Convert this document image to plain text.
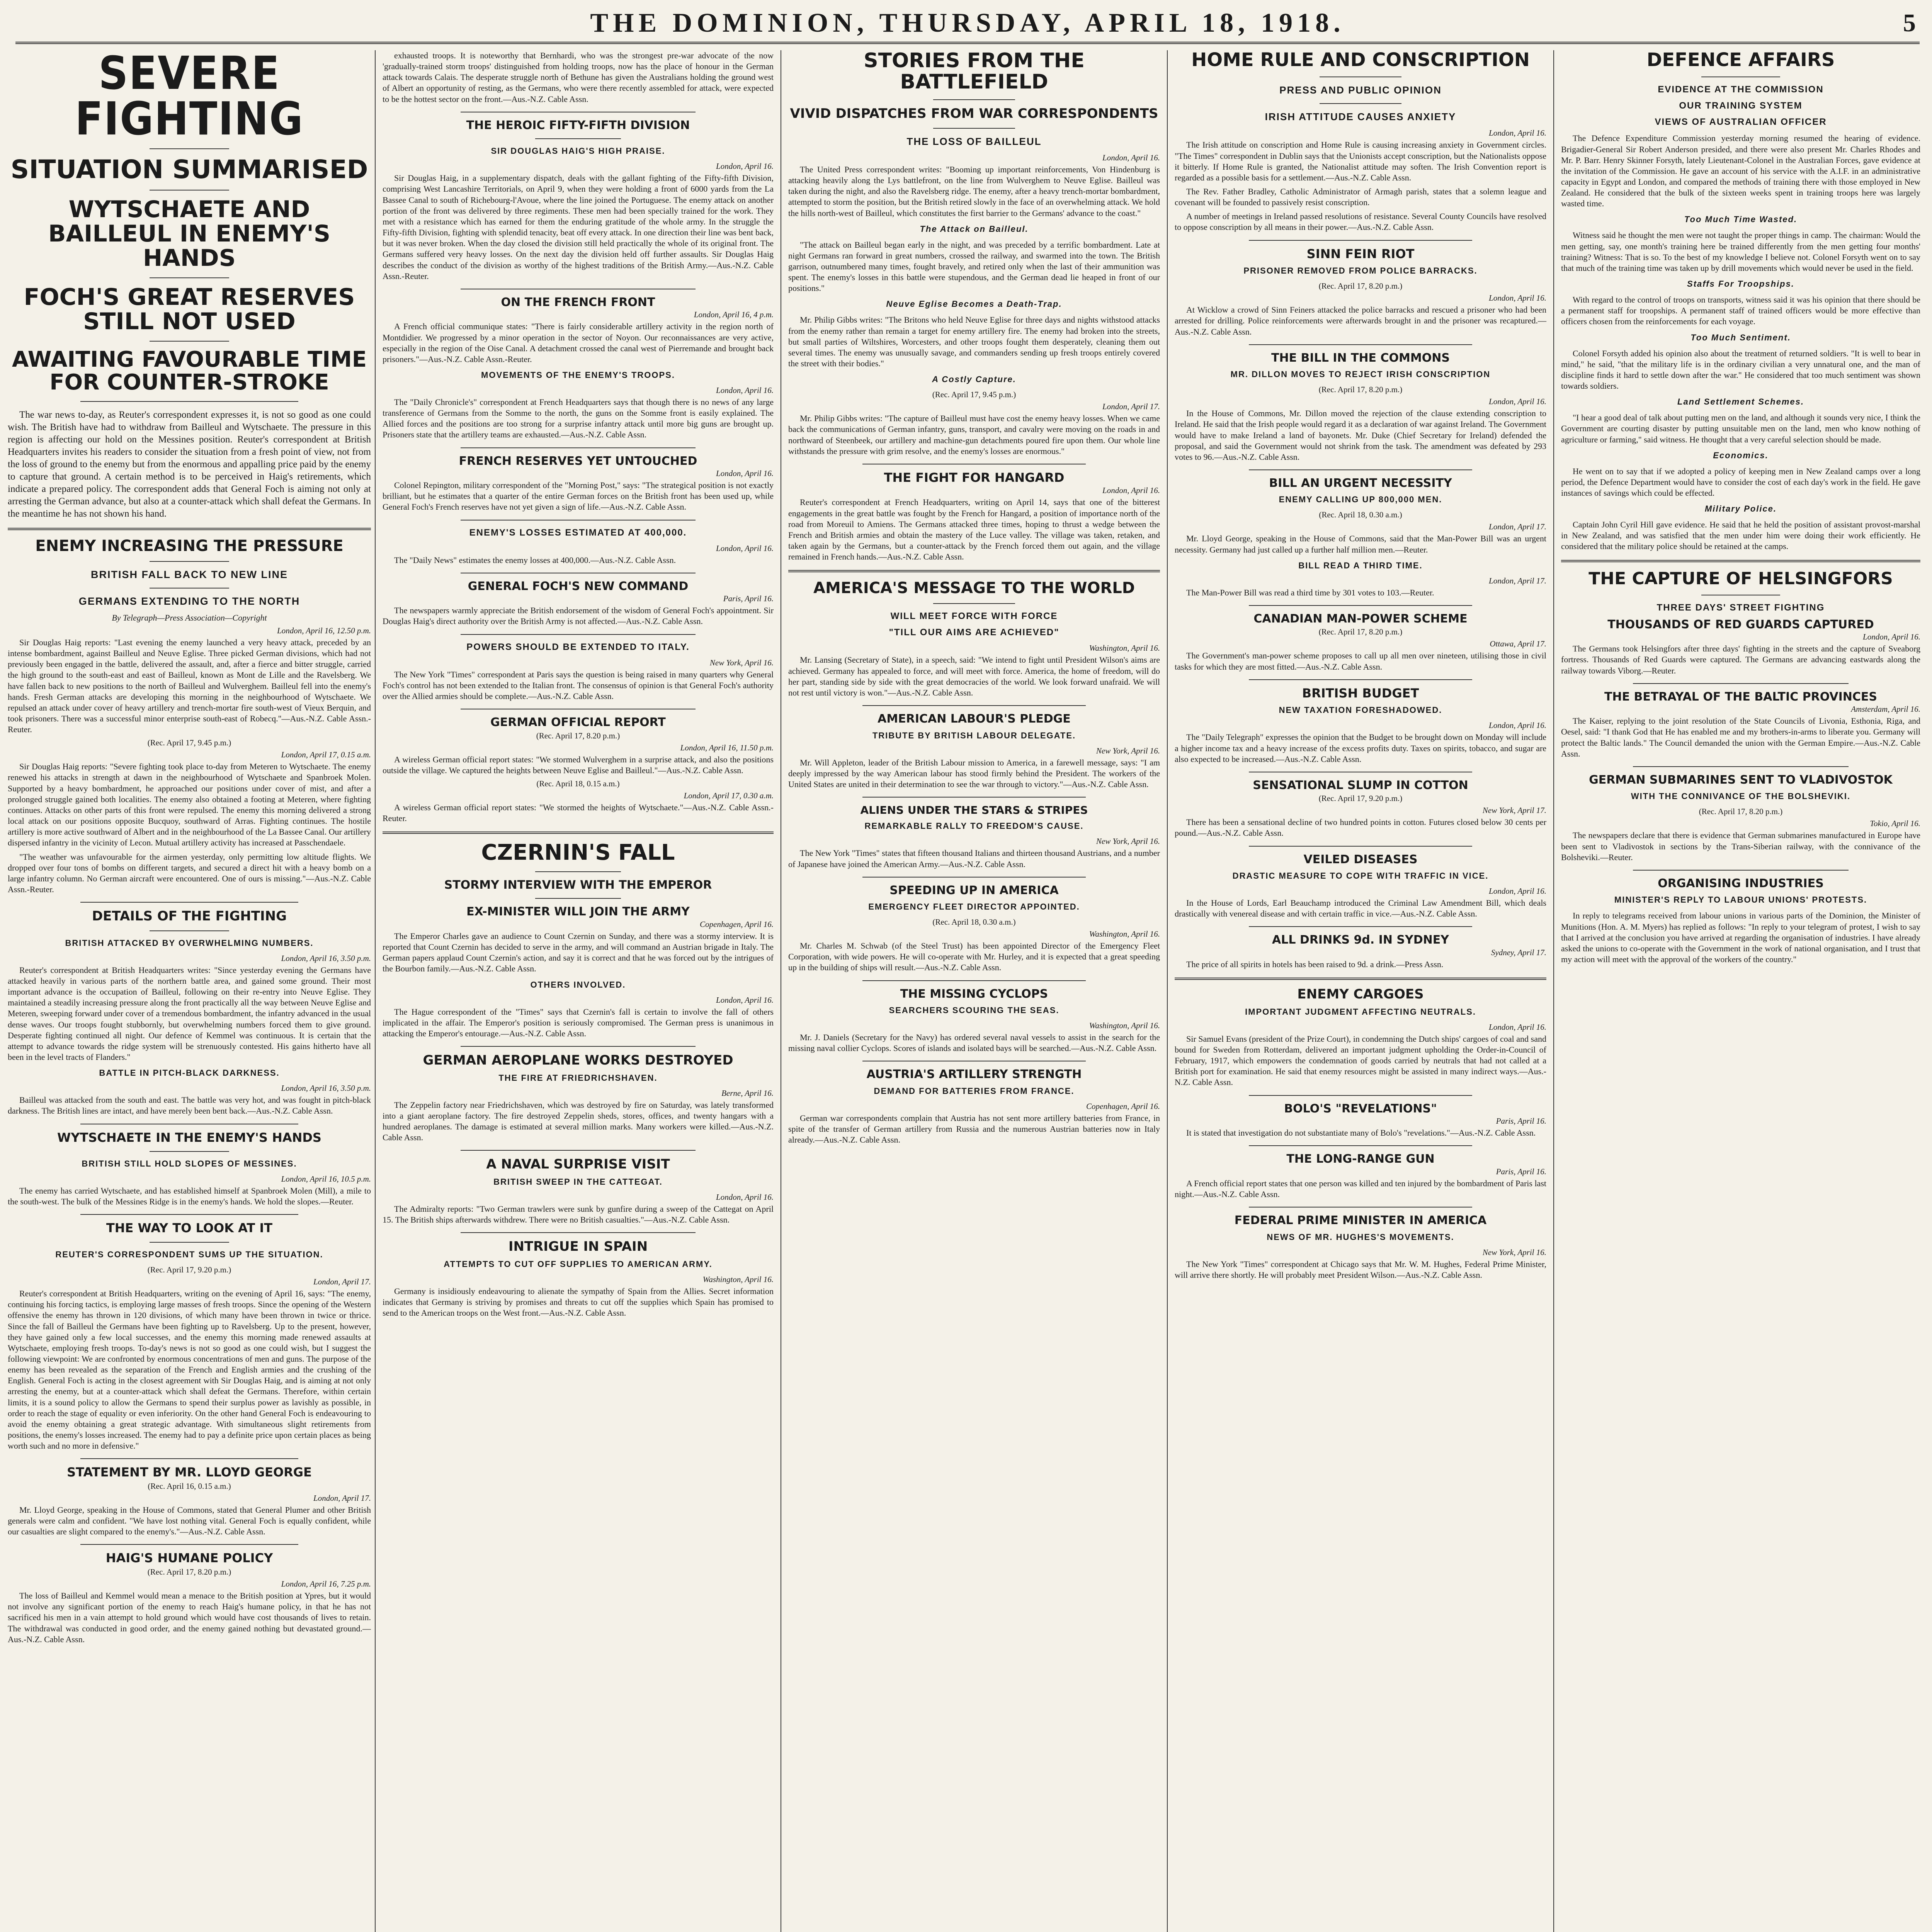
THE DOMINION, THURSDAY, APRIL 18, 1918.	5
SEVERE FIGHTING
SITUATION SUMMARISED
WYTSCHAETE AND BAILLEUL IN ENEMY'S HANDS
FOCH'S GREAT RESERVES STILL NOT USED
AWAITING FAVOURABLE TIME FOR COUNTER-STROKE

The war news to-day, as Reuter's correspondent expresses it, is not so good as one could wish. The British have had to withdraw from Bailleul and Wytschaete. The pressure in this region is affecting our hold on the Messines position. Reuter's correspondent at British Headquarters invites his readers to consider the situation from a fresh point of view, not from the loss of ground to the enemy but from the enormous and appalling price paid by the enemy to capture that ground. A certain method is to be perceived in Haig's retirements, which indicate a prepared policy. The correspondent adds that General Foch is aiming not only at arresting the German advance, but also at a counter-attack which shall defeat the Germans. In the meantime he has not shown his hand.

ENEMY INCREASING THE PRESSURE
BRITISH FALL BACK TO NEW LINE
GERMANS EXTENDING TO THE NORTH
By Telegraph—Press Association—Copyright
London, April 16, 12.50 p.m.

Sir Douglas Haig reports: "Last evening the enemy launched a very heavy attack, preceded by an intense bombardment, against Bailleul and Neuve Eglise. Three picked German divisions, which had not previously been engaged in the battle, delivered the assault, and, after a fierce and bitter struggle, carried the high ground to the south-east and east of Bailleul, known as Mont de Lille and the Ravelsberg. We have fallen back to new positions to the north of Bailleul and Wulverghem. Bailleul fell into the enemy's hands. Fresh German attacks are developing this morning in the neighbourhood of Wytschaete. We repulsed an attack under cover of heavy artillery and trench-mortar fire south-west of Vieux Berquin, and took prisoners. There was a successful minor enterprise south-east of Robecq."—Aus.-N.Z. Cable Assn.-Reuter.

(Rec. April 17, 9.45 p.m.)
London, April 17, 0.15 a.m.

Sir Douglas Haig reports: "Severe fighting took place to-day from Meteren to Wytschaete. The enemy renewed his attacks in strength at dawn in the neighbourhood of Wytschaete and Spanbroek Molen. Supported by a heavy bombardment, he approached our positions under cover of mist, and after a prolonged struggle gained both localities. The enemy also obtained a footing at Meteren, where fighting continues. Attacks on other parts of this front were repulsed. The enemy this morning delivered a strong local attack on our positions opposite Bucquoy, southward of Arras. Fighting continues. The hostile artillery is more active southward of Albert and in the neighbourhood of the La Bassee Canal. Our artillery dispersed infantry in the vicinity of Lecon. Mutual artillery activity has increased at Passchendaele.

"The weather was unfavourable for the airmen yesterday, only permitting low altitude flights. We dropped over four tons of bombs on different targets, and secured a direct hit with a heavy bomb on a large infantry column. No German aircraft were encountered. One of ours is missing."—Aus.-N.Z. Cable Assn.-Reuter.

DETAILS OF THE FIGHTING
BRITISH ATTACKED BY OVERWHELMING NUMBERS.
London, April 16, 3.50 p.m.

Reuter's correspondent at British Headquarters writes: "Since yesterday evening the Germans have attacked heavily in various parts of the northern battle area, and gained some ground. Their most important advance is the occupation of Bailleul, following on their re-entry into Neuve Eglise. They maintained a steadily increasing pressure along the front practically all the way between Neuve Eglise and Meteren, sweeping forward under cover of a tremendous bombardment, the infantry advanced in the usual dense waves. Our troops fought stubbornly, but overwhelming numbers forced them to give ground. Desperate fighting continued all night. Our defence of Kemmel was continuous. It is certain that the attempt to advance towards the ridge system will be strenuously contested. His gains hitherto have all been in the level tracts of Flanders."

BATTLE IN PITCH-BLACK DARKNESS.
London, April 16, 3.50 p.m.

Bailleul was attacked from the south and east. The battle was very hot, and was fought in pitch-black darkness. The British lines are intact, and have merely been bent back.—Aus.-N.Z. Cable Assn.

WYTSCHAETE IN THE ENEMY'S HANDS
BRITISH STILL HOLD SLOPES OF MESSINES.
London, April 16, 10.5 p.m.

The enemy has carried Wytschaete, and has established himself at Spanbroek Molen (Mill), a mile to the south-west. The bulk of the Messines Ridge is in the enemy's hands. We hold the slopes.—Reuter.

THE WAY TO LOOK AT IT
REUTER'S CORRESPONDENT SUMS UP THE SITUATION.
(Rec. April 17, 9.20 p.m.)
London, April 17.

Reuter's correspondent at British Headquarters, writing on the evening of April 16, says: "The enemy, continuing his forcing tactics, is employing large masses of fresh troops. Since the opening of the Western offensive the enemy has thrown in 120 divisions, of which many have been thrown in twice or thrice. Since the fall of Bailleul the Germans have been fighting up to Ravelsberg. Up to the present, however, they have gained only a few local successes, and the enemy this morning made renewed assaults at Wytschaete, employing fresh troops. To-day's news is not so good as one could wish, but I suggest the following viewpoint: We are confronted by enormous concentrations of men and guns. The purpose of the enemy has been revealed as the separation of the French and English armies and the crushing of the English. General Foch is acting in the closest agreement with Sir Douglas Haig, and is aiming at not only arresting the enemy, but at a counter-attack which shall defeat the Germans. Therefore, within certain limits, it is a sound policy to allow the Germans to spend their surplus power as lavishly as possible, in order to reach the stage of equality or even inferiority. On the other hand General Foch is endeavouring to avoid the enemy obtaining a great strategic advantage. With simultaneous slight retirements from positions, the enemy's losses increased. The enemy had to pay a definite price upon certain places as being worth such and no more in defensive."

STATEMENT BY MR. LLOYD GEORGE
(Rec. April 16, 0.15 a.m.)
London, April 17.

Mr. Lloyd George, speaking in the House of Commons, stated that General Plumer and other British generals were calm and confident. "We have lost nothing vital. General Foch is equally confident, while our casualties are slight compared to the enemy's."—Aus.-N.Z. Cable Assn.

HAIG'S HUMANE POLICY
(Rec. April 17, 8.20 p.m.)
London, April 16, 7.25 p.m.

The loss of Bailleul and Kemmel would mean a menace to the British position at Ypres, but it would not involve any significant portion of the enemy to reach Haig's humane policy, in that he has not sacrificed his men in a vain attempt to hold ground which would have cost thousands of lives to retain. The withdrawal was conducted in good order, and the enemy gained nothing but devastated ground.—Aus.-N.Z. Cable Assn.

exhausted troops. It is noteworthy that Bernhardi, who was the strongest pre-war advocate of the now 'gradually-trained storm troops' distinguished from holding troops, now has the place of honour in the German attack towards Calais. The desperate struggle north of Bethune has given the Australians holding the ground west of Albert an opportunity of resting, as the Germans, who were there recently assembled for attack, were expected to be the hottest sector on the front.—Aus.-N.Z. Cable Assn.

THE HEROIC FIFTY-FIFTH DIVISION
SIR DOUGLAS HAIG'S HIGH PRAISE.
London, April 16.

Sir Douglas Haig, in a supplementary dispatch, deals with the gallant fighting of the Fifty-fifth Division, comprising West Lancashire Territorials, on April 9, when they were holding a front of 6000 yards from the La Bassee Canal to south of Richebourg-l'Avoue, where the line joined the Portuguese. The enemy attack on another portion of the front was delivered by three regiments. These men had been specially trained for the work. They met with a resistance which has earned for them the enduring gratitude of the whole army. In the struggle the Fifty-fifth Division, fighting with splendid tenacity, beat off every attack. In one direction their line was bent back, but it was never broken. When the day closed the division still held practically the whole of its original front. The Germans suffered very heavy losses. On the next day the division held off further assaults. Sir Douglas Haig describes the conduct of the division as worthy of the highest traditions of the British Army.—Aus.-N.Z. Cable Assn.-Reuter.

ON THE FRENCH FRONT
London, April 16, 4 p.m.

A French official communique states: "There is fairly considerable artillery activity in the region north of Montdidier. We progressed by a minor operation in the sector of Noyon. Our reconnaissances are very active, especially in the region of the Oise Canal. A detachment crossed the canal west of Pierremande and brought back prisoners."—Aus.-N.Z. Cable Assn.-Reuter.

MOVEMENTS OF THE ENEMY'S TROOPS.
London, April 16.

The "Daily Chronicle's" correspondent at French Headquarters says that though there is no news of any large transference of Germans from the Somme to the north, the guns on the Somme front is easily explained. The Allied forces and the positions are too strong for a surprise infantry attack until more big guns are brought up. Prisoners state that the artillery teams are exhausted.—Aus.-N.Z. Cable Assn.

FRENCH RESERVES YET UNTOUCHED
London, April 16.

Colonel Repington, military correspondent of the "Morning Post," says: "The strategical position is not exactly brilliant, but he estimates that a quarter of the entire German forces on the British front has been used up, while General Foch's French reserves have not yet given a sign of life.—Aus.-N.Z. Cable Assn.

ENEMY'S LOSSES ESTIMATED AT 400,000.
London, April 16.

The "Daily News" estimates the enemy losses at 400,000.—Aus.-N.Z. Cable Assn.

GENERAL FOCH'S NEW COMMAND
Paris, April 16.

The newspapers warmly appreciate the British endorsement of the wisdom of General Foch's appointment. Sir Douglas Haig's direct authority over the British Army is not affected.—Aus.-N.Z. Cable Assn.

POWERS SHOULD BE EXTENDED TO ITALY.
New York, April 16.

The New York "Times" correspondent at Paris says the question is being raised in many quarters why General Foch's control has not been extended to the Italian front. The consensus of opinion is that General Foch's authority over the Allied armies should be complete.—Aus.-N.Z. Cable Assn.

GERMAN OFFICIAL REPORT
(Rec. April 17, 8.20 p.m.)
London, April 16, 11.50 p.m.

A wireless German official report states: "We stormed Wulverghem in a surprise attack, and also the positions outside the village. We captured the heights between Neuve Eglise and Bailleul."—Aus.-N.Z. Cable Assn.

(Rec. April 18, 0.15 a.m.)
London, April 17, 0.30 a.m.

A wireless German official report states: "We stormed the heights of Wytschaete."—Aus.-N.Z. Cable Assn.-Reuter.

CZERNIN'S FALL
STORMY INTERVIEW WITH THE EMPEROR
EX-MINISTER WILL JOIN THE ARMY
Copenhagen, April 16.

The Emperor Charles gave an audience to Count Czernin on Sunday, and there was a stormy interview. It is reported that Count Czernin has decided to serve in the army, and will command an Austrian brigade in Italy. The German papers applaud Count Czernin's action, and say it is correct and that he was forced out by the intrigues of the Bourbon family.—Aus.-N.Z. Cable Assn.

OTHERS INVOLVED.
London, April 16.

The Hague correspondent of the "Times" says that Czernin's fall is certain to involve the fall of others implicated in the affair. The Emperor's position is seriously compromised. The German press is unanimous in attacking the Emperor's entourage.—Aus.-N.Z. Cable Assn.

GERMAN AEROPLANE WORKS DESTROYED
THE FIRE AT FRIEDRICHSHAVEN.
Berne, April 16.

The Zeppelin factory near Friedrichshaven, which was destroyed by fire on Saturday, was lately transformed into a giant aeroplane factory. The fire destroyed Zeppelin sheds, stores, offices, and twenty hangars with a hundred aeroplanes. The damage is estimated at several million marks. Many workers were killed.—Aus.-N.Z. Cable Assn.

A NAVAL SURPRISE VISIT
BRITISH SWEEP IN THE CATTEGAT.
London, April 16.

The Admiralty reports: "Two German trawlers were sunk by gunfire during a sweep of the Cattegat on April 15. The British ships afterwards withdrew. There were no British casualties."—Aus.-N.Z. Cable Assn.

INTRIGUE IN SPAIN
ATTEMPTS TO CUT OFF SUPPLIES TO AMERICAN ARMY.
Washington, April 16.

Germany is insidiously endeavouring to alienate the sympathy of Spain from the Allies. Secret information indicates that Germany is striving by promises and threats to cut off the supplies which Spain has promised to send to the American troops on the West front.—Aus.-N.Z. Cable Assn.

STORIES FROM THE BATTLEFIELD
VIVID DISPATCHES FROM WAR CORRESPONDENTS
THE LOSS OF BAILLEUL
London, April 16.

The United Press correspondent writes: "Booming up important reinforcements, Von Hindenburg is attacking heavily along the Lys battlefront, on the line from Wulverghem to Neuve Eglise. Bailleul was taken during the night, and also the Ravelsberg ridge. The enemy, after a heavy trench-mortar bombardment, attempted to storm the position, but the British retired slowly in the face of an overwhelming attack. We hold the hills north-west of Bailleul, which constitutes the first barrier to the Germans' advance to the coast."

The Attack on Bailleul.

"The attack on Bailleul began early in the night, and was preceded by a terrific bombardment. Late at night Germans ran forward in great numbers, crossed the railway, and swarmed into the town. The British garrison, outnumbered many times, fought bravely, and retired only when the last of their ammunition was spent. The enemy's losses in this battle were stupendous, and the German dead lie heaped in front of our positions."

Neuve Eglise Becomes a Death-Trap.

Mr. Philip Gibbs writes: "The Britons who held Neuve Eglise for three days and nights withstood attacks from the enemy rather than remain a target for enemy artillery fire. The enemy had broken into the streets, but small parties of Wiltshires, Worcesters, and other troops fought them desperately, cleaning them out several times. The enemy was unusually savage, and commanders sending up fresh troops entirely covered the street with their bodies."

A Costly Capture.
(Rec. April 17, 9.45 p.m.)
London, April 17.

Mr. Philip Gibbs writes: "The capture of Bailleul must have cost the enemy heavy losses. When we came back the communications of German infantry, guns, transport, and cavalry were moving on the roads in and northward of Steenbeek, our artillery and machine-gun detachments poured fire upon them. Our whole line withstands the pressure with grim resolve, and the enemy's losses are enormous."

THE FIGHT FOR HANGARD
London, April 16.

Reuter's correspondent at French Headquarters, writing on April 14, says that one of the bitterest engagements in the great battle was fought by the French for Hangard, a position of importance north of the road from Moreuil to Amiens. The Germans attacked three times, hoping to thrust a wedge between the French and British armies and obtain the mastery of the Luce valley. The village was taken, retaken, and taken again by the Germans, but a counter-attack by the French forced them out again, and the village remained in French hands.—Aus.-N.Z. Cable Assn.

AMERICA'S MESSAGE TO THE WORLD
WILL MEET FORCE WITH FORCE
"TILL OUR AIMS ARE ACHIEVED"
Washington, April 16.

Mr. Lansing (Secretary of State), in a speech, said: "We intend to fight until President Wilson's aims are achieved. Germany has appealed to force, and will meet with force. America, the home of freedom, will do her part, standing side by side with the great democracies of the world. We look forward unafraid. We will not rest until victory is won."—Aus.-N.Z. Cable Assn.

AMERICAN LABOUR'S PLEDGE
TRIBUTE BY BRITISH LABOUR DELEGATE.
New York, April 16.

Mr. Will Appleton, leader of the British Labour mission to America, in a farewell message, says: "I am deeply impressed by the way American labour has stood firmly behind the President. The workers of the United States are united in their determination to see the war through to victory."—Aus.-N.Z. Cable Assn.

ALIENS UNDER THE STARS & STRIPES
REMARKABLE RALLY TO FREEDOM'S CAUSE.
New York, April 16.

The New York "Times" states that fifteen thousand Italians and thirteen thousand Austrians, and a number of Japanese have joined the American Army.—Aus.-N.Z. Cable Assn.

SPEEDING UP IN AMERICA
EMERGENCY FLEET DIRECTOR APPOINTED.
(Rec. April 18, 0.30 a.m.)
Washington, April 16.

Mr. Charles M. Schwab (of the Steel Trust) has been appointed Director of the Emergency Fleet Corporation, with wide powers. He will co-operate with Mr. Hurley, and it is expected that a great speeding up in the building of ships will result.—Aus.-N.Z. Cable Assn.

THE MISSING CYCLOPS
SEARCHERS SCOURING THE SEAS.
Washington, April 16.

Mr. J. Daniels (Secretary for the Navy) has ordered several naval vessels to assist in the search for the missing naval collier Cyclops. Scores of islands and isolated bays will be searched.—Aus.-N.Z. Cable Assn.

AUSTRIA'S ARTILLERY STRENGTH
DEMAND FOR BATTERIES FROM FRANCE.
Copenhagen, April 16.

German war correspondents complain that Austria has not sent more artillery batteries from France, in spite of the transfer of German artillery from Russia and the numerous Austrian batteries now in Italy already.—Aus.-N.Z. Cable Assn.

HOME RULE AND CONSCRIPTION
PRESS AND PUBLIC OPINION
IRISH ATTITUDE CAUSES ANXIETY
London, April 16.

The Irish attitude on conscription and Home Rule is causing increasing anxiety in Government circles. "The Times" correspondent in Dublin says that the Unionists accept conscription, but the Nationalists oppose it bitterly. If Home Rule is granted, the Nationalist attitude may soften. The Irish Convention report is regarded as a possible basis for a settlement.—Aus.-N.Z. Cable Assn.

The Rev. Father Bradley, Catholic Administrator of Armagh parish, states that a solemn league and covenant will be founded to passively resist conscription.

A number of meetings in Ireland passed resolutions of resistance. Several County Councils have resolved to oppose conscription by all means in their power.—Aus.-N.Z. Cable Assn.

SINN FEIN RIOT
PRISONER REMOVED FROM POLICE BARRACKS.
(Rec. April 17, 8.20 p.m.)
London, April 16.

At Wicklow a crowd of Sinn Feiners attacked the police barracks and rescued a prisoner who had been arrested for drilling. Police reinforcements were afterwards brought in and the prisoner was recaptured.—Aus.-N.Z. Cable Assn.

THE BILL IN THE COMMONS
MR. DILLON MOVES TO REJECT IRISH CONSCRIPTION
(Rec. April 17, 8.20 p.m.)
London, April 16.

In the House of Commons, Mr. Dillon moved the rejection of the clause extending conscription to Ireland. He said that the Irish people would regard it as a declaration of war against Ireland. The Government would have to make Ireland a land of bayonets. Mr. Duke (Chief Secretary for Ireland) defended the proposal, and said the Government would not shrink from the task. The amendment was defeated by 293 votes to 96.—Aus.-N.Z. Cable Assn.

BILL AN URGENT NECESSITY
ENEMY CALLING UP 800,000 MEN.
(Rec. April 18, 0.30 a.m.)
London, April 17.

Mr. Lloyd George, speaking in the House of Commons, said that the Man-Power Bill was an urgent necessity. Germany had just called up a further half million men.—Reuter.

BILL READ A THIRD TIME.
London, April 17.

The Man-Power Bill was read a third time by 301 votes to 103.—Reuter.

CANADIAN MAN-POWER SCHEME
(Rec. April 17, 8.20 p.m.)
Ottawa, April 17.

The Government's man-power scheme proposes to call up all men over nineteen, utilising those in civil tasks for which they are most fitted.—Aus.-N.Z. Cable Assn.

BRITISH BUDGET
NEW TAXATION FORESHADOWED.
London, April 16.

The "Daily Telegraph" expresses the opinion that the Budget to be brought down on Monday will include a higher income tax and a heavy increase of the excess profits duty. Taxes on spirits, tobacco, and sugar are also expected to be increased.—Aus.-N.Z. Cable Assn.

SENSATIONAL SLUMP IN COTTON
(Rec. April 17, 9.20 p.m.)
New York, April 17.

There has been a sensational decline of two hundred points in cotton. Futures closed below 30 cents per pound.—Aus.-N.Z. Cable Assn.

VEILED DISEASES
DRASTIC MEASURE TO COPE WITH TRAFFIC IN VICE.
London, April 16.

In the House of Lords, Earl Beauchamp introduced the Criminal Law Amendment Bill, which deals drastically with venereal disease and with certain traffic in vice.—Aus.-N.Z. Cable Assn.

ALL DRINKS 9d. IN SYDNEY
Sydney, April 17.

The price of all spirits in hotels has been raised to 9d. a drink.—Press Assn.

ENEMY CARGOES
IMPORTANT JUDGMENT AFFECTING NEUTRALS.
London, April 16.

Sir Samuel Evans (president of the Prize Court), in condemning the Dutch ships' cargoes of coal and sand bound for Sweden from Rotterdam, delivered an important judgment upholding the Order-in-Council of February, 1917, which empowers the condemnation of goods carried by neutrals that had not called at a British port for examination. He said that enemy resources might be assisted in many indirect ways.—Aus.-N.Z. Cable Assn.

BOLO'S "REVELATIONS"
Paris, April 16.

It is stated that investigation do not substantiate many of Bolo's "revelations."—Aus.-N.Z. Cable Assn.

THE LONG-RANGE GUN
Paris, April 16.

A French official report states that one person was killed and ten injured by the bombardment of Paris last night.—Aus.-N.Z. Cable Assn.

FEDERAL PRIME MINISTER IN AMERICA
NEWS OF MR. HUGHES'S MOVEMENTS.
New York, April 16.

The New York "Times" correspondent at Chicago says that Mr. W. M. Hughes, Federal Prime Minister, will arrive there shortly. He will probably meet President Wilson.—Aus.-N.Z. Cable Assn.

DEFENCE AFFAIRS
EVIDENCE AT THE COMMISSION
OUR TRAINING SYSTEM
VIEWS OF AUSTRALIAN OFFICER

The Defence Expenditure Commission yesterday morning resumed the hearing of evidence. Brigadier-General Sir Robert Anderson presided, and there were also present Mr. Charles Rhodes and Mr. P. Barr. Henry Skinner Forsyth, lately Lieutenant-Colonel in the Australian Forces, gave evidence at the invitation of the Commission. He gave an account of his service with the A.I.F. in an administrative capacity in Egypt and London, and compared the methods of training there with those employed in New Zealand. He considered that the bulk of the sixteen weeks spent in training troops here was largely wasted time.

Too Much Time Wasted.

Witness said he thought the men were not taught the proper things in camp. The chairman: Would the men getting, say, one month's training here be trained differently from the men getting four months' training? Witness: That is so. To the best of my knowledge I believe not. Colonel Forsyth went on to say that much of the training time was taken up by drill movements which would never be used in the field.

Staffs For Troopships.

With regard to the control of troops on transports, witness said it was his opinion that there should be a permanent staff for troopships. A permanent staff of trained officers would be more effective than officers chosen from the reinforcements for each voyage.

Too Much Sentiment.

Colonel Forsyth added his opinion also about the treatment of returned soldiers. "It is well to bear in mind," he said, "that the military life is in the ordinary civilian a very unnatural one, and the man of discipline finds it hard to settle down after the war." He considered that too much sentiment was shown towards soldiers.

Land Settlement Schemes.

"I hear a good deal of talk about putting men on the land, and although it sounds very nice, I think the Government are courting disaster by putting unsuitable men on the land, men who know nothing of agriculture or farming," said witness. He thought that a very careful selection should be made.

Economics.

He went on to say that if we adopted a policy of keeping men in New Zealand camps over a long period, the Defence Department would have to consider the cost of each day's work in the field. He gave instances of savings which could be effected.

Military Police.

Captain John Cyril Hill gave evidence. He said that he held the position of assistant provost-marshal in New Zealand, and was satisfied that the men under him were doing their work efficiently. He considered that the military police should be retained at the camps.

THE CAPTURE OF HELSINGFORS
THREE DAYS' STREET FIGHTING
THOUSANDS OF RED GUARDS CAPTURED
London, April 16.

The Germans took Helsingfors after three days' fighting in the streets and the capture of Sveaborg fortress. Thousands of Red Guards were captured. The Germans are advancing eastwards along the railway towards Viborg.—Reuter.

THE BETRAYAL OF THE BALTIC PROVINCES
Amsterdam, April 16.

The Kaiser, replying to the joint resolution of the State Councils of Livonia, Esthonia, Riga, and Oesel, said: "I thank God that He has enabled me and my brothers-in-arms to liberate you. Germany will protect the Baltic lands." The Council demanded the union with the German Empire.—Aus.-N.Z. Cable Assn.

GERMAN SUBMARINES SENT TO VLADIVOSTOK
WITH THE CONNIVANCE OF THE BOLSHEVIKI.
(Rec. April 17, 8.20 p.m.)
Tokio, April 16.

The newspapers declare that there is evidence that German submarines manufactured in Europe have been sent to Vladivostok in sections by the Trans-Siberian railway, with the connivance of the Bolsheviki.—Reuter.

ORGANISING INDUSTRIES
MINISTER'S REPLY TO LABOUR UNIONS' PROTESTS.

In reply to telegrams received from labour unions in various parts of the Dominion, the Minister of Munitions (Hon. A. M. Myers) has replied as follows: "In reply to your telegram of protest, I wish to say that I arrived at the conclusion you have arrived at regarding the organisation of industries. I have already asked the unions to co-operate with the Government in the work of national organisation, and I trust that my action will meet with the approval of the workers of the country."
